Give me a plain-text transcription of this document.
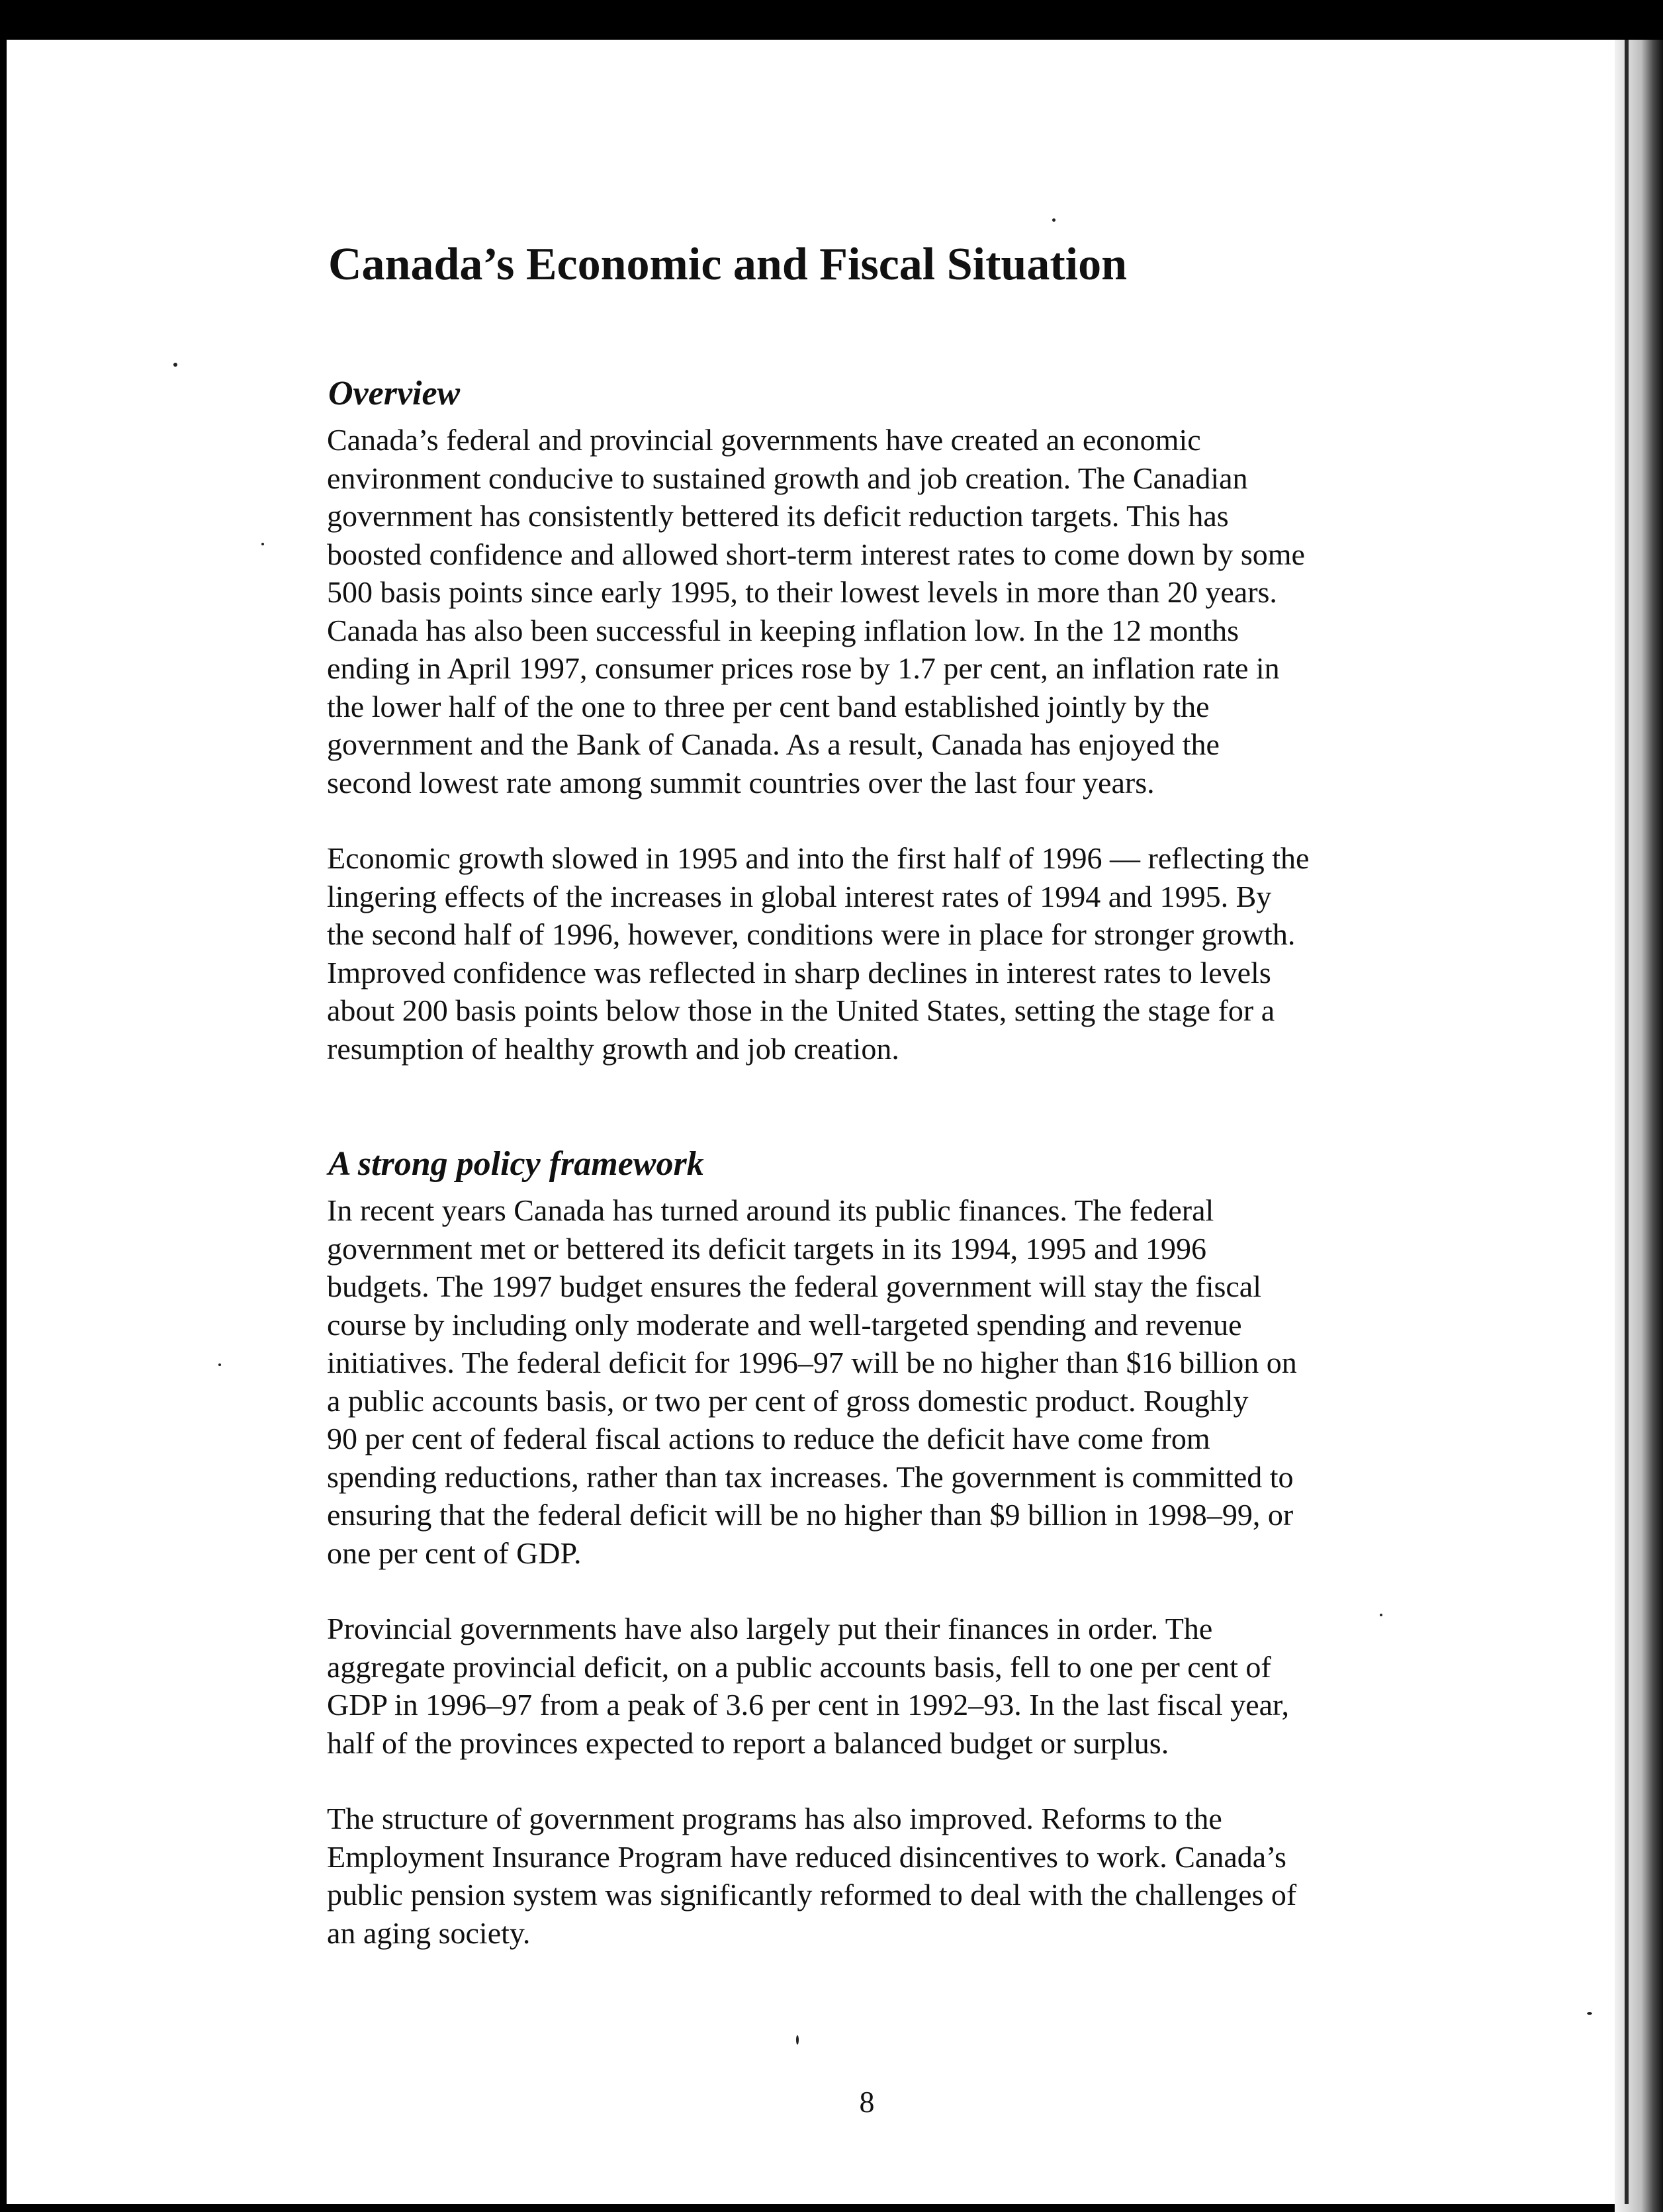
Canada’s Economic and Fiscal Situation
Overview

Canada’s federal and provincial governments have created an economic
environment conducive to sustained growth and job creation. The Canadian
government has consistently bettered its deficit reduction targets. This has
boosted confidence and allowed short-term interest rates to come down by some
500 basis points since early 1995, to their lowest levels in more than 20 years.
Canada has also been successful in keeping inflation low. In the 12 months
ending in April 1997, consumer prices rose by 1.7 per cent, an inflation rate in
the lower half of the one to three per cent band established jointly by the
government and the Bank of Canada. As a result, Canada has enjoyed the
second lowest rate among summit countries over the last four years.

Economic growth slowed in 1995 and into the first half of 1996 — reflecting the
lingering effects of the increases in global interest rates of 1994 and 1995. By
the second half of 1996, however, conditions were in place for stronger growth.
Improved confidence was reflected in sharp declines in interest rates to levels
about 200 basis points below those in the United States, setting the stage for a
resumption of healthy growth and job creation.

A strong policy framework

In recent years Canada has turned around its public finances. The federal
government met or bettered its deficit targets in its 1994, 1995 and 1996
budgets. The 1997 budget ensures the federal government will stay the fiscal
course by including only moderate and well-targeted spending and revenue
initiatives. The federal deficit for 1996–97 will be no higher than $16 billion on
a public accounts basis, or two per cent of gross domestic product. Roughly
90 per cent of federal fiscal actions to reduce the deficit have come from
spending reductions, rather than tax increases. The government is committed to
ensuring that the federal deficit will be no higher than $9 billion in 1998–99, or
one per cent of GDP.

Provincial governments have also largely put their finances in order. The
aggregate provincial deficit, on a public accounts basis, fell to one per cent of
GDP in 1996–97 from a peak of 3.6 per cent in 1992–93. In the last fiscal year,
half of the provinces expected to report a balanced budget or surplus.

The structure of government programs has also improved. Reforms to the
Employment Insurance Program have reduced disincentives to work. Canada’s
public pension system was significantly reformed to deal with the challenges of
an aging society.

8
